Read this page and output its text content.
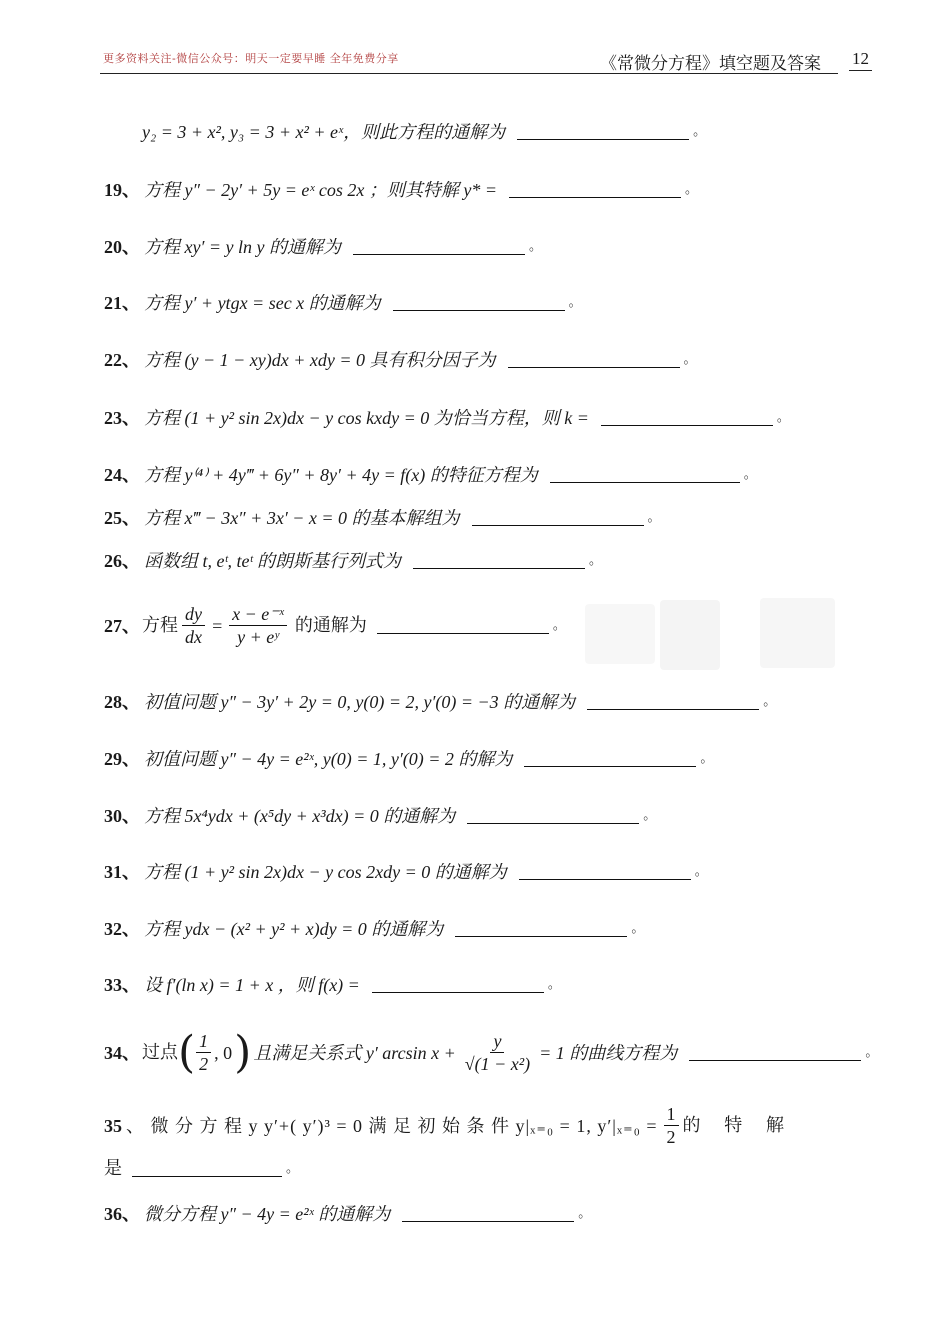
更多资料关注-微信公众号：明天一定要早睡 全年免费分享	《常微分方程》填空题及答案 12
y₂ = 3 + x², y₃ = 3 + x² + eˣ，则此方程的通解为	。
19、 方程 y″ − 2y′ + 5y = eˣ cos 2x ；则其特解 y* =	。
20、 方程 xy′ = y ln y 的通解为	。
21、 方程 y′ + ytgx = sec x 的通解为	。
22、 方程 (y − 1 − xy)dx + xdy = 0 具有积分因子为	。
23、 方程 (1 + y² sin 2x)dx − y cos kxdy = 0 为恰当方程，则 k =	。
24、 方程 y⁽⁴⁾ + 4y‴ + 6y″ + 8y′ + 4y = f(x) 的特征方程为	。
25、 方程 x‴ − 3x″ + 3x′ − x = 0 的基本解组为	。
26、 函数组 t, eᵗ, teᵗ 的朗斯基行列式为	。
27、 方程 $\frac{dy}{dx} = \frac{\text{x − e⁻ˣ}}{\text{y + eʸ}}$ 的通解为	。
28、 初值问题 y″ − 3y′ + 2y = 0, y(0) = 2, y′(0) = −3 的通解为	。
29、 初值问题 y″ − 4y = e²ˣ, y(0) = 1, y′(0) = 2 的解为	。
30、 方程 5x⁴ydx + (x⁵dy + x³dx) = 0 的通解为	。
31、 方程 (1 + y² sin 2x)dx − y cos 2xdy = 0 的通解为	。
32、 方程 ydx − (x² + y² + x)dy = 0 的通解为	。
33、 设 f′(ln x) = 1 + x ，则 f(x) =	。
34、 过点 ( $\frac{1}{2}$ , 0 ) 且满足关系式 y′ $\arcsin x + \frac{y}{\text{√(1 − x²)}} = 1$ 的曲线方程为	。
35 、 微 分 方 程 y y′+( y′)³ = 0 满 足 初 始 条 件 y|ₓ₌₀ = 1, $y'|_{x=0} = \frac{1}{2}$ 的 特 解
是	。
36、 微分方程 y″ − 4y = e²ˣ 的通解为	。
